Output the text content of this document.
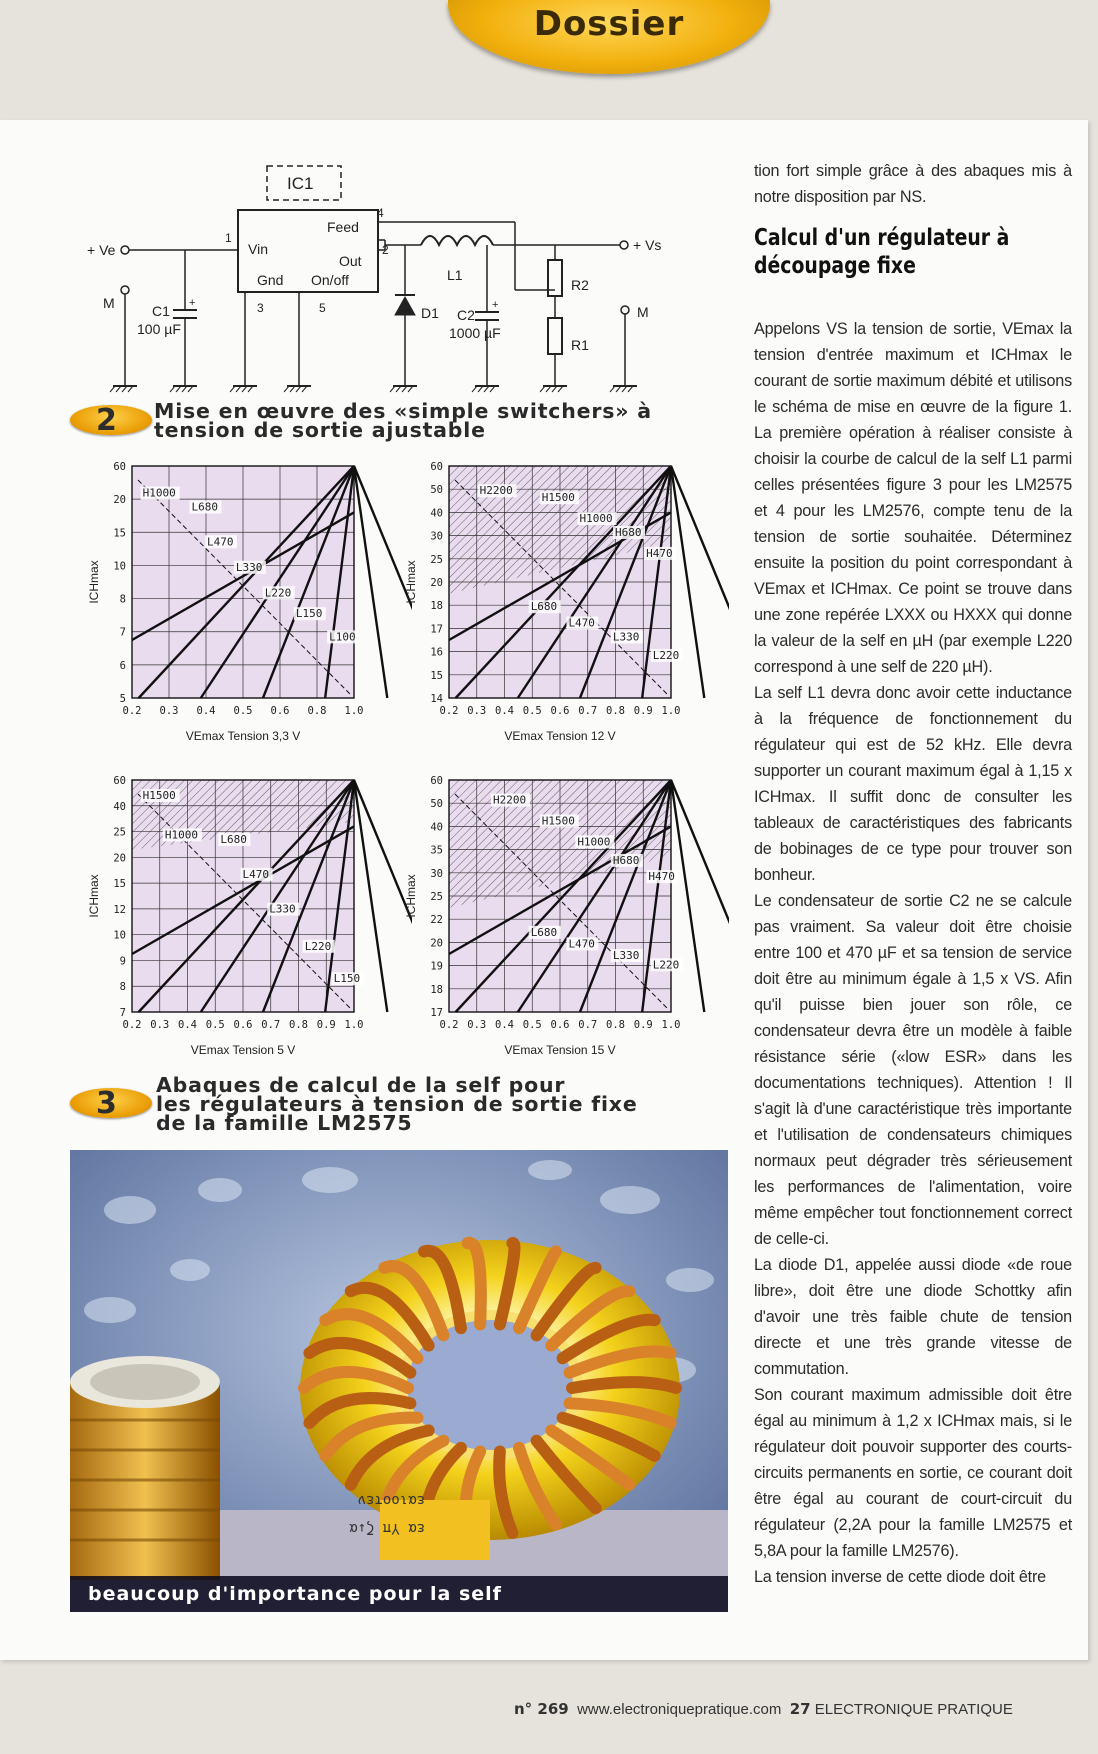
Dossier
IC1
Feed
Vin
Out
Gnd On/off
1
4
2
3	5
+ Ve
M	+
C1
100 µF
L1
D1	+
C2
1000 µF
R2
R1
+ Vs
M
2 Mise en œuvre des «simple switchers» à
tension de sortie ajustable
0.2 0.3 0.4 0.5 0.6 0.8 1.0
5
6
7
8
10
15
20
60
H1000
L680
L470
L330
L220
L150
L100
VEmax Tension 3,3 V
ICHmax
0.2 0.3 0.4 0.5 0.6 0.7 0.8 0.9 1.0
14
15
16
17
18
20
25
30
40
50
60
H2200
H1500
H1000
H680
H470
L680
L470
L330
L220
VEmax Tension 12 V
ICHmax
0.2 0.3 0.4 0.5 0.6 0.7 0.8 0.9 1.0
7
8
9
10
12
15
20
25
40
60
H1500
H1000 L680
L470
L330
L220
L150
VEmax Tension 5 V
ICHmax
0.2 0.3 0.4 0.5 0.6 0.7 0.8 0.9 1.0
17
18
19
20
22
25
30
35
40
50
60
H2200
H1500
H1000
H680
H470
L680
L470
L330
L220
VEmax Tension 15 V
ICHmax
3
Abaques de calcul de la self pour
les régulateurs à tension de sortie fixe
de la famille LM2575
εαιοοτεν
εα Υπ ζ↓α
beaucoup d'importance pour la self

tion fort simple grâce à des abaques mis à notre disposition par NS.

Calcul d'un régulateur à
découpage fixe

Appelons VS la tension de sortie, VEmax la tension d'entrée maximum et ICHmax le courant de sortie maximum débité et utilisons le schéma de mise en œuvre de la figure 1. La première opération à réaliser consiste à choisir la courbe de calcul de la self L1 parmi celles présentées figure 3 pour les LM2575 et 4 pour les LM2576, compte tenu de la tension de sortie souhaitée. Déterminez ensuite la position du point correspondant à VEmax et ICHmax. Ce point se trouve dans une zone repérée LXXX ou HXXX qui donne la valeur de la self en µH (par exemple L220 correspond à une self de 220 µH).

La self L1 devra donc avoir cette inductance à la fréquence de fonctionnement du régulateur qui est de 52 kHz. Elle devra supporter un courant maximum égal à 1,15 x ICHmax. Il suffit donc de consulter les tableaux de caractéristiques des fabricants de bobinages de ce type pour trouver son bonheur.

Le condensateur de sortie C2 ne se calcule pas vraiment. Sa valeur doit être choisie entre 100 et 470 µF et sa tension de service doit être au minimum égale à 1,5 x VS. Afin qu'il puisse bien jouer son rôle, ce condensateur devra être un modèle à faible résistance série («low ESR» dans les documentations techniques). Attention ! Il s'agit là d'une caractéristique très importante et l'utilisation de condensateurs chimiques normaux peut dégrader très sérieusement les performances de l'alimentation, voire même empêcher tout fonctionnement correct de celle-ci.

La diode D1, appelée aussi diode «de roue libre», doit être une diode Schottky afin d'avoir une très faible chute de tension directe et une très grande vitesse de commutation.

Son courant maximum admissible doit être égal au minimum à 1,2 x ICHmax mais, si le régulateur doit pouvoir supporter des courts-circuits permanents en sortie, ce courant doit être égal au courant de court-circuit du régulateur (2,2A pour la famille LM2575 et 5,8A pour la famille LM2576).

La tension inverse de cette diode doit être

n° 269 www.electroniquepratique.com 27 ELECTRONIQUE PRATIQUE
